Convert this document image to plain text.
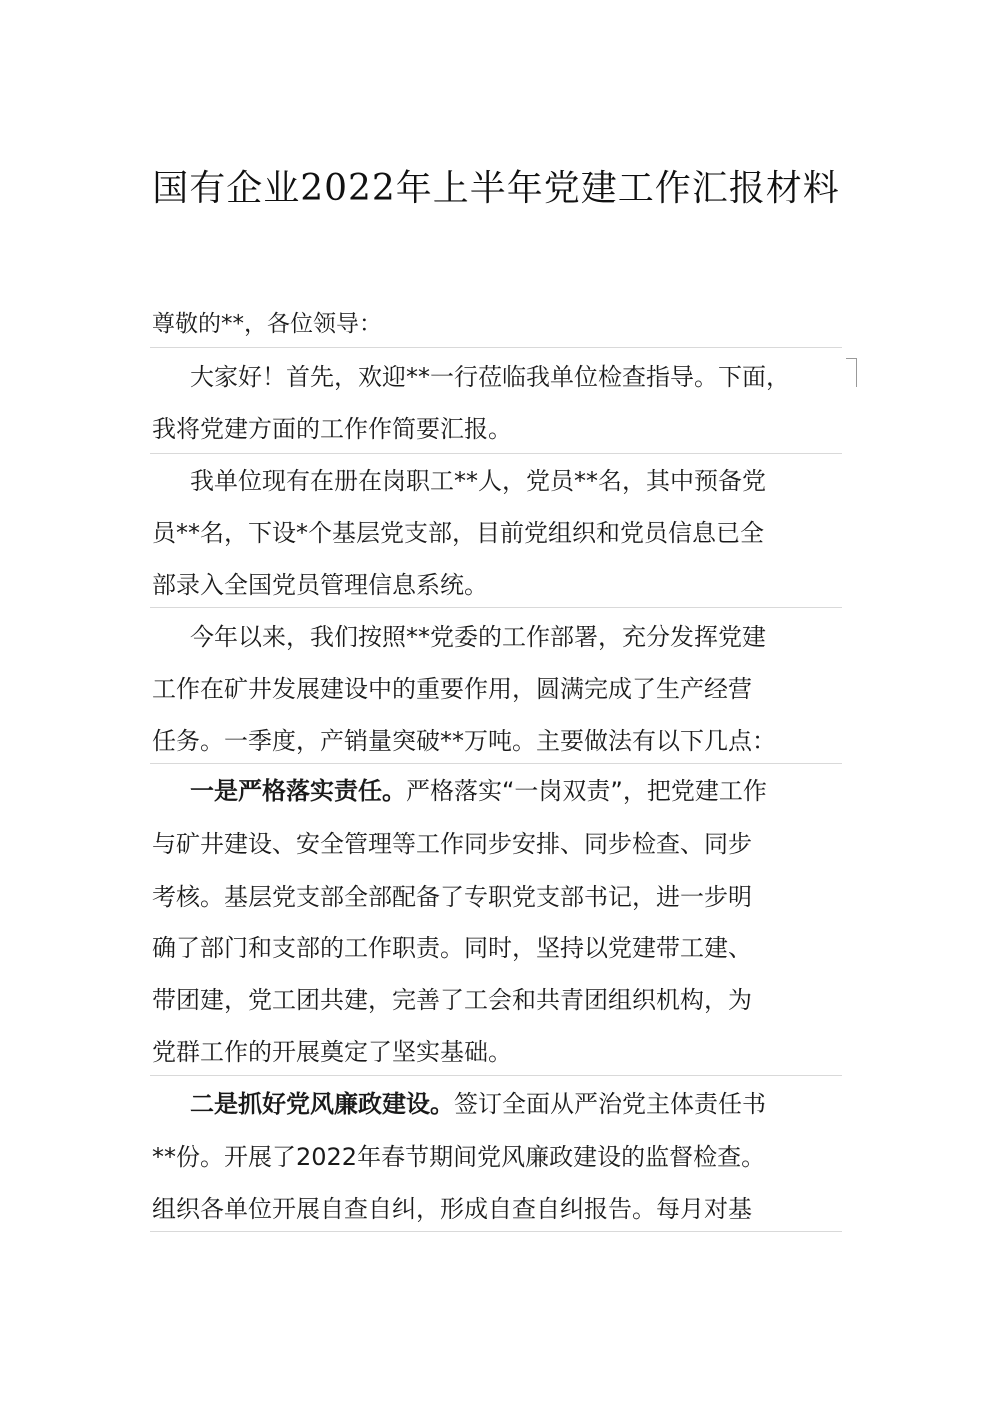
国有企业2022年上半年党建工作汇报材料
尊敬的**，各位领导：
大家好！首先，欢迎**一行莅临我单位检查指导。下面，
我将党建方面的工作作简要汇报。
我单位现有在册在岗职工**人，党员**名，其中预备党
员**名，下设*个基层党支部，目前党组织和党员信息已全
部录入全国党员管理信息系统。
今年以来，我们按照**党委的工作部署，充分发挥党建
工作在矿井发展建设中的重要作用，圆满完成了生产经营
任务。一季度，产销量突破**万吨。主要做法有以下几点：
一是严格落实责任。严格落实“一岗双责”，把党建工作
与矿井建设、安全管理等工作同步安排、同步检查、同步
考核。基层党支部全部配备了专职党支部书记，进一步明
确了部门和支部的工作职责。同时，坚持以党建带工建、
带团建，党工团共建，完善了工会和共青团组织机构，为
党群工作的开展奠定了坚实基础。
二是抓好党风廉政建设。签订全面从严治党主体责任书
**份。开展了2022年春节期间党风廉政建设的监督检查。
组织各单位开展自查自纠，形成自查自纠报告。每月对基
